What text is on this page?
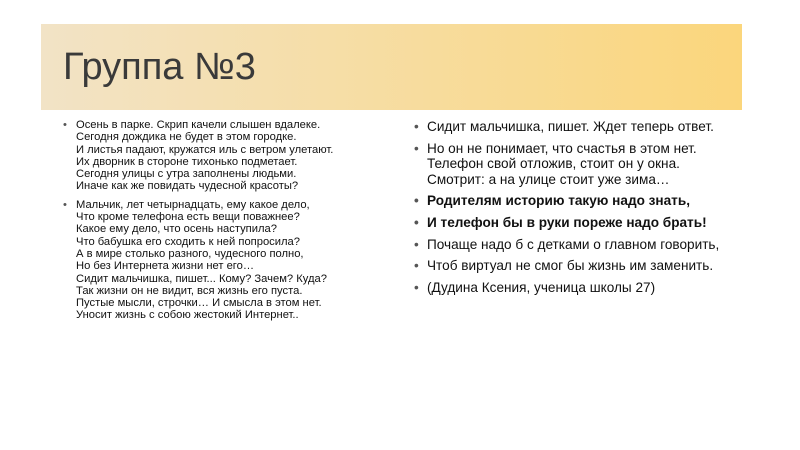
Группа №3
• Осень в парке. Скрип качели слышен вдалеке.
Сегодня дождика не будет в этом городке.
И листья падают, кружатся иль с ветром улетают.
Их дворник в стороне тихонько подметает.
Сегодня улицы с утра заполнены людьми.
Иначе как же повидать чудесной красоты?
• Мальчик, лет четырнадцать, ему какое дело,
Что кроме телефона есть вещи поважнее?
Какое ему дело, что осень наступила?
Что бабушка его сходить к ней попросила?
А в мире столько разного, чудесного полно,
Но без Интернета жизни нет его…
Сидит мальчишка, пишет... Кому? Зачем? Куда?
Так жизни он не видит, вся жизнь его пуста.
Пустые мысли, строчки… И смысла в этом нет.
Уносит жизнь с собою жестокий Интернет..
• Сидит мальчишка, пишет. Ждет теперь ответ.
• Но он не понимает, что счастья в этом нет.
Телефон свой отложив, стоит он у окна.
Смотрит: а на улице стоит уже зима…
• Родителям историю такую надо знать,
• И телефон бы в руки пореже надо брать!
• Почаще надо б с детками о главном говорить,
• Чтоб виртуал не смог бы жизнь им заменить.
• (Дудина Ксения, ученица школы 27)
